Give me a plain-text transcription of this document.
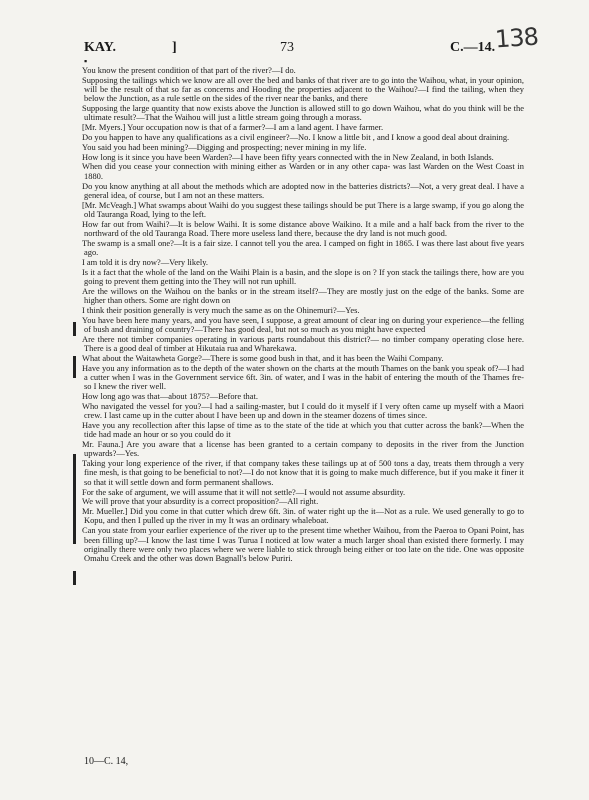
KAY.	]	73	C.—14.
138
▪

You know the present condition of that part of the river?—I do.

Supposing the tailings which we know are all over the bed and banks of that river are to go into the Waihou, what, in your opinion, will be the result of that so far as concerns and Hooding the properties adjacent to the Waihou?—I find the tailing, when they below the Junction, as a rule settle on the sides of the river near the banks, and there

Supposing the large quantity that now exists above the Junction is allowed still to go down Waihou, what do you think will be the ultimate result?—That the Waihou will just a little stream going through a morass.

[Mr. Myers.] Your occupation now is that of a farmer?—I am a land agent. I have farmer.

Do you happen to have any qualifications as a civil engineer?—No. I know a little bit , and I know a good deal about draining.

You said you had been mining?—Digging and prospecting; never mining in my life.

How long is it since you have been Warden?—I have been fifty years connected with the in New Zealand, in both Islands.

When did you cease your connection with mining either as Warden or in any other capa- was last Warden on the West Coast in 1880.

Do you know anything at all about the methods which are adopted now in the batteries districts?—Not, a very great deal. I have a general idea, of course, but I am not an these matters.

[Mr. McVeagh.] What swamps about Waihi do you suggest these tailings should be put There is a large swamp, if you go along the old Tauranga Road, lying to the left.

How far out from Waihi?—It is below Waihi. It is some distance above Waikino. It a mile and a half back from the river to the northward of the old Tauranga Road. There more useless land there, because the dry land is not much good.

The swamp is a small one?—It is a fair size. I cannot tell you the area. I camped on fight in 1865. I was there last about five years ago.

I am told it is dry now?—Very likely.

Is it a fact that the whole of the land on the Waihi Plain is a basin, and the slope is on ? If yon stack the tailings there, how are you going to prevent them getting into the They will not run uphill.

Are the willows on the Waihou on the banks or in the stream itself?—They are mostly just on the edge of the banks. Some are higher than others. Some are right down on

I think their position generally is very much the same as on the Ohinemuri?—Yes.

You have been here many years, and you have seen, I suppose, a great amount of clear ing on during your experience—the felling of bush and draining of country?—There has good deal, but not so much as you might have expected

Are there not timber companies operating in various parts roundabout this district?— no timber company operating close here. There is a good deal of timber at Hikutaia rua and Wharekawa.

What about the Waitawheta Gorge?—There is some good bush in that, and it has been the Waihi Company.

Have you any information as to the depth of the water shown on the charts at the mouth Thames on the bank you speak of?—I had a cutter when I was in the Government service 6ft. 3in. of water, and I was in the habit of entering the mouth of the Thames fre- so I knew the river well.

How long ago was that—about 1875?—Before that.

Who navigated the vessel for you?—I had a sailing-master, but I could do it myself if I very often came up myself with a Maori crew. I last came up in the cutter about I have been up and down in the steamer dozens of times since.

Have you any recollection after this lapse of time as to the state of the tide at which you that cutter across the bank?—When the tide had made an hour or so you could do it

Mr. Fauna.] Are you aware that a license has been granted to a certain company to deposits in the river from the Junction upwards?—Yes.

Taking your long experience of the river, if that company takes these tailings up at of 500 tons a day, treats them through a very fine mesh, is that going to be beneficial to not?—I do not know that it is going to make much difference, but if you make it finer it so that it will settle down and form permanent shallows.

For the sake of argument, we will assume that it will not settle?—I would not assume absurdity.

We will prove that your absurdity is a correct proposition?—All right.

Mr. Mueller.] Did you come in that cutter which drew 6ft. 3in. of water right up the it—Not as a rule. We used generally to go to Kopu, and then I pulled up the river in my It was an ordinary whaleboat.

Can you state from your earlier experience of the river up to the present time whether Waihou, from the Paeroa to Opani Point, has been filling up?—I know the last time I was Turua I noticed at low water a much larger shoal than existed there formerly. I may originally there were only two places where we were liable to stick through being either or too late on the tide. One was opposite Omahu Creek and the other was down Bagnall's below Puriri.

10—C. 14,
